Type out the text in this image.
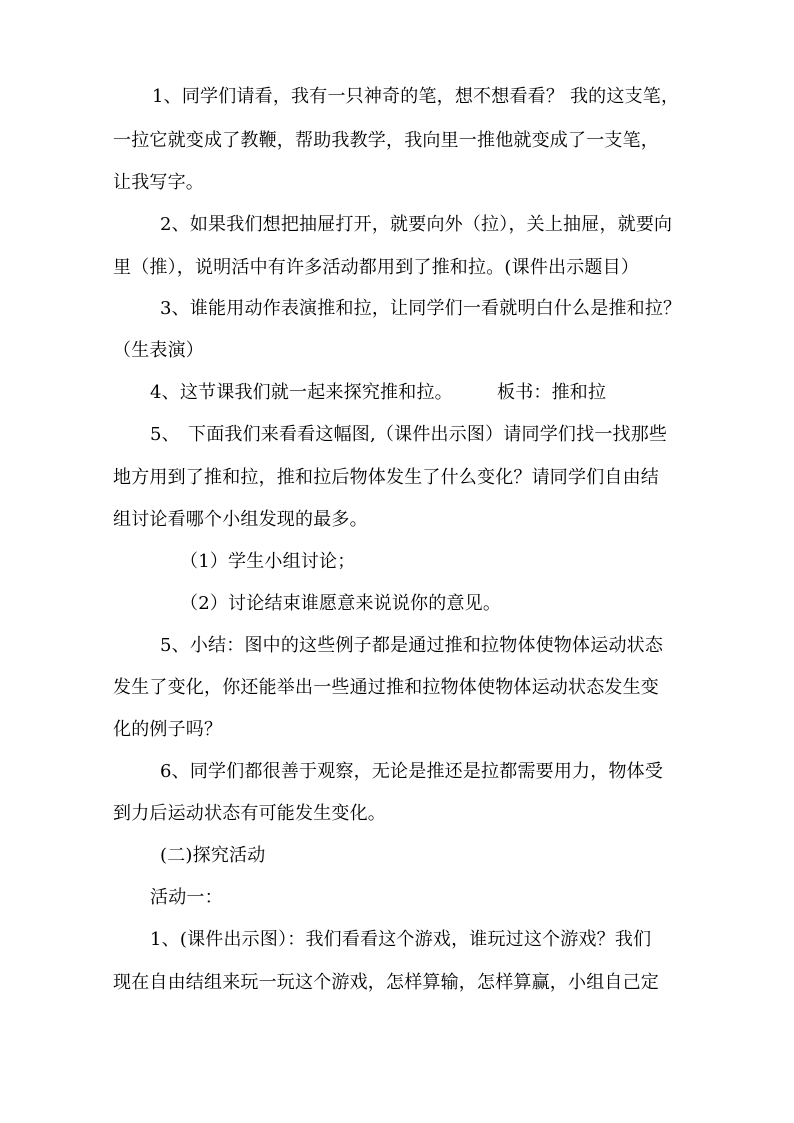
1、同学们请看，我有一只神奇的笔，想不想看看？ 我的这支笔，
一拉它就变成了教鞭，帮助我教学，我向里一推他就变成了一支笔，
让我写字。
2、如果我们想把抽屉打开，就要向外（拉），关上抽屉，就要向
里（推），说明活中有许多活动都用到了推和拉。(课件出示题目）
3、谁能用动作表演推和拉，让同学们一看就明白什么是推和拉？
（生表演）
4、这节课我们就一起来探究推和拉。 板书：推和拉
5、 下面我们来看看这幅图,（课件出示图）请同学们找一找那些
地方用到了推和拉，推和拉后物体发生了什么变化？请同学们自由结
组讨论看哪个小组发现的最多。
（1）学生小组讨论；
（2）讨论结束谁愿意来说说你的意见。
5、小结：图中的这些例子都是通过推和拉物体使物体运动状态
发生了变化，你还能举出一些通过推和拉物体使物体运动状态发生变
化的例子吗？
6、同学们都很善于观察，无论是推还是拉都需要用力，物体受
到力后运动状态有可能发生变化。
(二)探究活动
活动一：
1、(课件出示图）：我们看看这个游戏，谁玩过这个游戏？我们
现在自由结组来玩一玩这个游戏，怎样算输，怎样算赢，小组自己定
